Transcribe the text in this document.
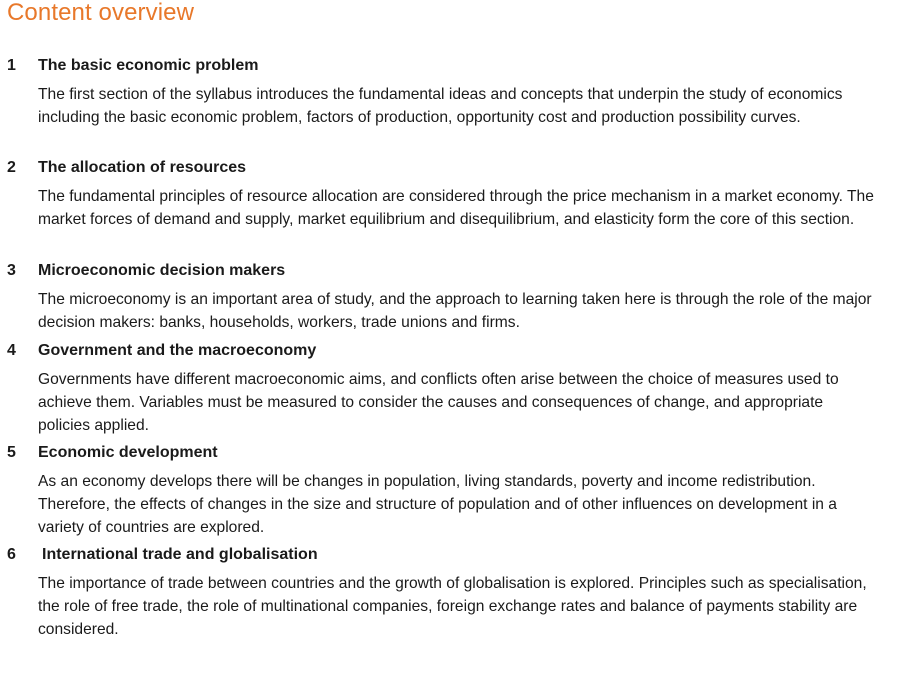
Content overview
1 The basic economic problem

The first section of the syllabus introduces the fundamental ideas and concepts that underpin the study of economics including the basic economic problem, factors of production, opportunity cost and production possibility curves.

2 The allocation of resources

The fundamental principles of resource allocation are considered through the price mechanism in a market economy. The market forces of demand and supply, market equilibrium and disequilibrium, and elasticity form the core of this section.

3 Microeconomic decision makers

The microeconomy is an important area of study, and the approach to learning taken here is through the role of the major decision makers: banks, households, workers, trade unions and firms.

4 Government and the macroeconomy

Governments have different macroeconomic aims, and conflicts often arise between the choice of measures used to achieve them. Variables must be measured to consider the causes and consequences of change, and appropriate policies applied.

5 Economic development

As an economy develops there will be changes in population, living standards, poverty and income redistribution. Therefore, the effects of changes in the size and structure of population and of other influences on development in a variety of countries are explored.

6 International trade and globalisation

The importance of trade between countries and the growth of globalisation is explored. Principles such as specialisation, the role of free trade, the role of multinational companies, foreign exchange rates and balance of payments stability are considered.
